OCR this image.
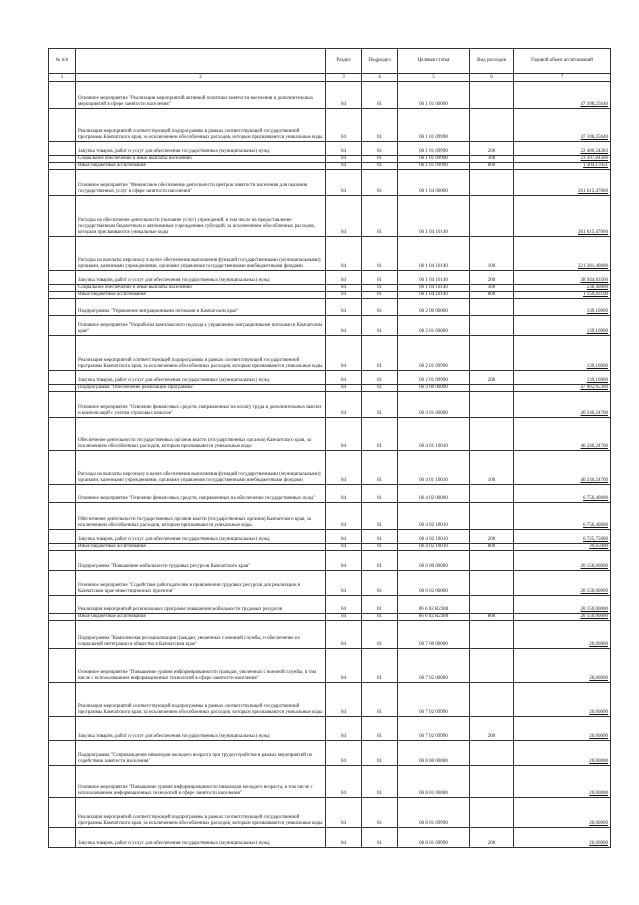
№ п/п		Раздел	Подраздел	Целевая статья	Вид расходов	Годовой объем ассигнований
1	2	3	4	5	6	7
	Основное мероприятие "Реализация мероприятий активной политики занятости населения и дополнительных мероприятий в сфере занятости населения"	04	01	06 1 01 00000		47 108,25640
	Реализация мероприятий соответствующей подпрограммы в рамках соответствующей государственной программы Камчатского края, за исключением обособленных расходов, которым присваиваются уникальные коды	04	01	06 1 01 09990		47 108,25640
	Закупка товаров, работ и услуг для обеспечения государственных (муниципальных) нужд	04	01	06 1 01 09990	200	22 406,24283
	Социальное обеспечение и иные выплаты населению	04	01	06 1 01 09990	300	23 397,84306
	Иные бюджетные ассигнования	04	01	06 1 01 09990	800	1 304,17051
	Основное мероприятие "Финансовое обеспечение деятельности центров занятости населения для оказания государственных услуг в сфере занятости населения"	04	01	06 1 04 00000		261 615,47060
	Расходы на обеспечение деятельности (оказание услуг) учреждений, в том числе на предоставление государственным бюджетным и автономным учреждениям субсидий, за исключением обособленных расходов, которым присваиваются уникальные коды	04	01	06 1 04 10140		261 615,47060
	Расходы на выплаты персоналу в целях обеспечения выполнения функций государственными (муниципальными) органами, казенными учреждениями, органами управления государственными внебюджетными фондами	04	01	06 1 04 10140	100	221 281,40600
	Закупка товаров, работ и услуг для обеспечения государственных (муниципальных) нужд	04	01	06 1 04 10140	200	38 944,83560
	Социальное обеспечение и иные выплаты населению	04	01	06 1 04 10140	300	238,40000
	Иные бюджетные ассигнования	04	01	06 1 04 10140	800	1 150,83100
	Подпрограмма "Управление миграционными потоками в Камчатском крае"	04	01	06 2 00 00000		139,10000
	Основное мероприятие "Разработка комплексного подхода к управлению миграционными потоками в Камчатском крае"	04	01	06 2 01 00000		139,10000
	Реализация мероприятий соответствующей подпрограммы в рамках соответствующей государственной программы Камчатского края, за исключением обособленных расходов, которым присваиваются уникальные коды	04	01	06 2 01 09990		139,10000
	Закупка товаров, работ и услуг для обеспечения государственных (муниципальных) нужд	04	01	06 2 01 09990	200	139,10000
	Подпрограмма "Обеспечение реализации Программы"	04	01	06 4 00 00000		47 002,65300
	Основное мероприятие "Освоение финансовых средств, направленных на оплату труда и дополнительных выплат и компенсаций с учетом страховых взносов"	04	01	06 4 01 00000		40 246,24700
	Обеспечение деятельности государственных органов власти (государственных органов) Камчатского края, за исключением обособленных расходов, которым присваиваются уникальные коды	04	01	06 4 01 10010		40 246,24700
	Расходы на выплаты персоналу в целях обеспечения выполнения функций государственными (муниципальными) органами, казенными учреждениями, органами управления государственными внебюджетными фондами	04	01	06 4 01 10010	100	40 246,24700
	Основное мероприятие "Освоение финансовых средств, направленных на обеспечение государственных нужд"	04	01	06 4 02 00000		6 756,40600
	Обеспечение деятельности государственных органов власти (государственных органов) Камчатского края, за исключением обособленных расходов, которым присваиваются уникальные коды.	04	01	06 4 02 10010		6 756,40600
	Закупка товаров, работ и услуг для обеспечения государственных (муниципальных) нужд	04	01	06 4 02 10010	200	6 725,75600
	Иные бюджетные ассигнования	04	01	06 4 02 10010	800	30,65000
	Подпрограмма "Повышение мобильности трудовых ресурсов Камчатского края"	04	01	06 6 00 00000		20 150,00000
	Основное мероприятие "Содействие работодателям в привлечении трудовых ресурсов для реализации в Камчатском крае инвестиционных проектов"	04	01	06 6 02 00000		20 150,00000
	Реализация мероприятий региональных программ повышения мобильности трудовых ресурсов	04	01	06 6 02 R2380		20 150,00000
	Иные бюджетные ассигнования	04	01	06 6 02 R2380	800	20 150,00000
	Подпрограмма "Комплексная ресоциализация граждан, уволенных с военной службы, и обеспечение их социальной интеграции в общество в Камчатском крае"	04	01	06 7 00 00000		20,00000
	Основное мероприятие "Повышение уровня информированности граждан, уволенных с военной службы, в том числе с использованием информационных технологий в сфере занятости населения"	04	01	06 7 02 00000		20,00000
	Реализация мероприятий соответствующей подпрограммы в рамках соответствующей государственной программы Камчатского края, за исключением обособленных расходов, которым присваиваются уникальные коды	04	01	06 7 02 09990		20,00000
	Закупка товаров, работ и услуг для обеспечения государственных (муниципальных) нужд	04	01	06 7 02 09990	200	20,00000
	Подпрограмма "Сопровождение инвалидов молодого возраста при трудоустройстве в рамках мероприятий по содействию занятости населения"	04	01	06 8 00 00000		20,00000
	Основное мероприятие "Повышение уровня информированности инвалидов молодого возраста, в том числе с использованием информационных технологий в сфере занятости населения"	04	01	06 8 01 00000		20,00000
	Реализация мероприятий соответствующей подпрограммы в рамках соответствующей государственной программы Камчатского края, за исключением обособленных расходов, которым присваиваются уникальные коды	04	01	06 8 01 09990		20,00000
	Закупка товаров, работ и услуг для обеспечения государственных (муниципальных) нужд	04	01	06 8 01 09990	200	20,00000
